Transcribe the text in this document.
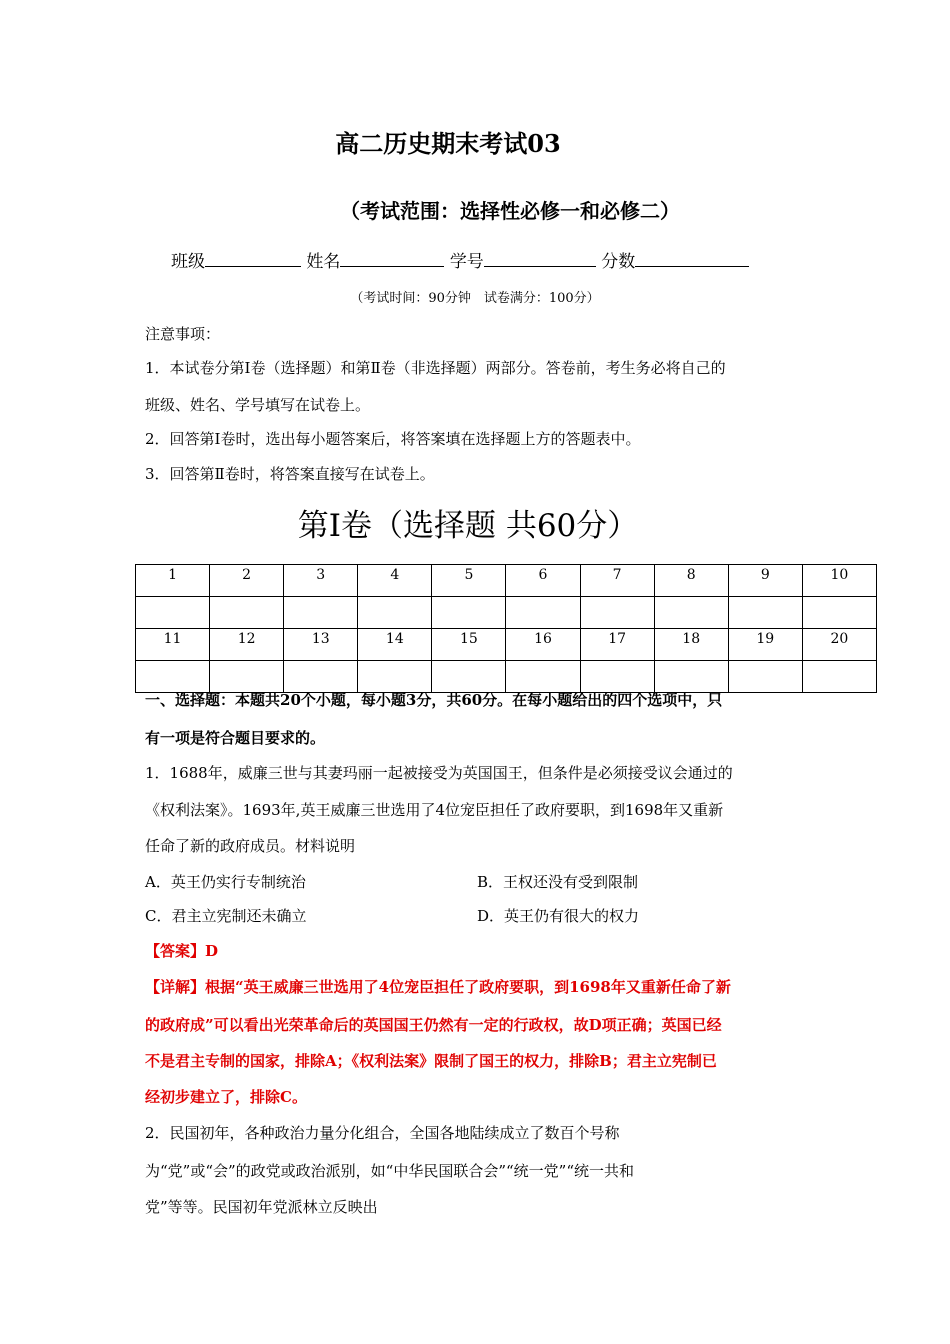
高二历史期末考试03
（考试范围：选择性必修一和必修二）
班级	姓名	学号	分数
（考试时间：90分钟　试卷满分：100分）
注意事项：
1．本试卷分第Ⅰ卷（选择题）和第Ⅱ卷（非选择题）两部分。答卷前，考生务必将自己的
班级、姓名、学号填写在试卷上。
2．回答第Ⅰ卷时，选出每小题答案后，将答案填在选择题上方的答题表中。
3．回答第Ⅱ卷时，将答案直接写在试卷上。
第Ⅰ卷（选择题 共60分）
1	2	3	4	5	6	7	8	9	10

11	12	13	14	15	16	17	18	19	20

一、选择题：本题共20个小题，每小题3分，共60分。在每小题给出的四个选项中，只
有一项是符合题目要求的。
1．1688年，威廉三世与其妻玛丽一起被接受为英国国王，但条件是必须接受议会通过的
《权利法案》。1693年,英王威廉三世选用了4位宠臣担任了政府要职，到1698年又重新
任命了新的政府成员。材料说明
A．英王仍实行专制统治	B．王权还没有受到限制
C．君主立宪制还未确立	D．英王仍有很大的权力
【答案】D
【详解】根据“英王威廉三世选用了4位宠臣担任了政府要职，到1698年又重新任命了新
的政府成”可以看出光荣革命后的英国国王仍然有一定的行政权，故D项正确；英国已经
不是君主专制的国家，排除A；《权利法案》限制了国王的权力，排除B；君主立宪制已
经初步建立了，排除C。
2．民国初年，各种政治力量分化组合，全国各地陆续成立了数百个号称
为“党”或“会”的政党或政治派别，如“中华民国联合会”“统一党”“统一共和
党”等等。民国初年党派林立反映出
